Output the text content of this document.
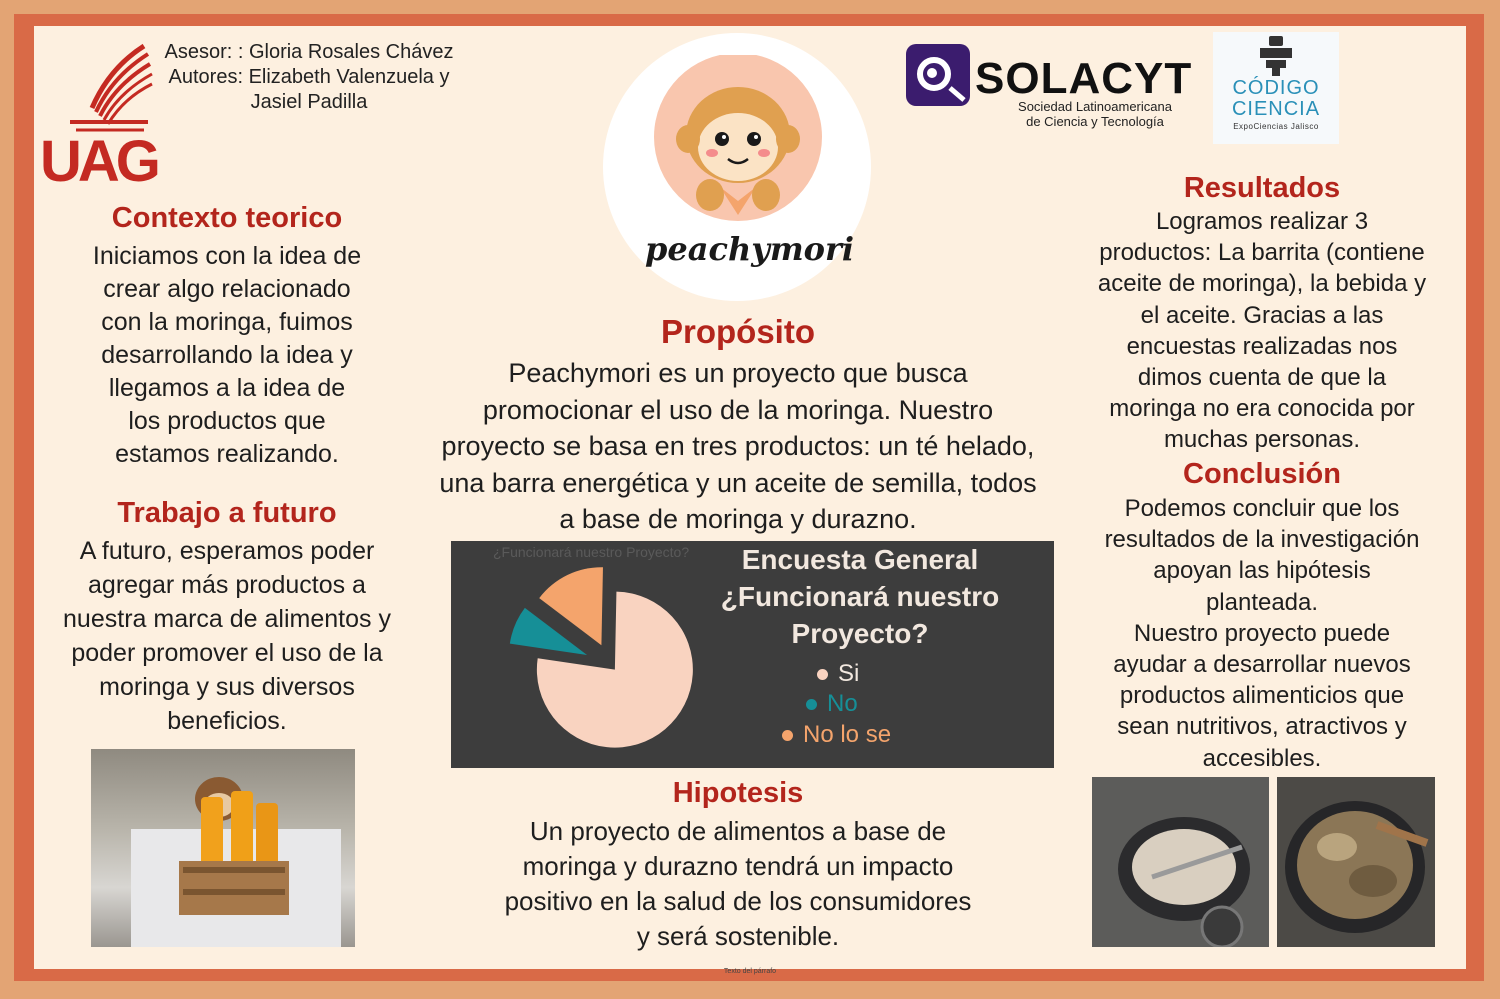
UAG
Asesor: : Gloria Rosales Chávez
Autores: Elizabeth Valenzuela y
Jasiel Padilla
peachymori
SOLACYT
Sociedad Latinoamericana
de Ciencia y Tecnología
CÓDIGO
CIENCIA
ExpoCiencias Jalisco
Contexto teorico
Iniciamos con la idea de
crear algo relacionado
con la moringa, fuimos
desarrollando la idea y
llegamos a la idea de
los productos que
estamos realizando.
Trabajo a futuro
A futuro, esperamos poder
agregar más productos a
nuestra marca de alimentos y
poder promover el uso de la
moringa y sus diversos
beneficios.
Propósito
Peachymori es un proyecto que busca
promocionar el uso de la moringa. Nuestro
proyecto se basa en tres productos: un té helado,
una barra energética y un aceite de semilla, todos
a base de moringa y durazno.
¿Funcionará nuestro Proyecto?	Encuesta General
¿Funcionará nuestro
Proyecto?
Si
No
No lo se
Hipotesis
Un proyecto de alimentos a base de
moringa y durazno tendrá un impacto
positivo en la salud de los consumidores
y será sostenible.
Resultados
Logramos realizar 3
productos: La barrita (contiene
aceite de moringa), la bebida y
el aceite. Gracias a las
encuestas realizadas nos
dimos cuenta de que la
moringa no era conocida por
muchas personas.
Conclusión
Podemos concluir que los
resultados de la investigación
apoyan las hipótesis
planteada.
Nuestro proyecto puede
ayudar a desarrollar nuevos
productos alimenticios que
sean nutritivos, atractivos y
accesibles.
Texto del párrafo
